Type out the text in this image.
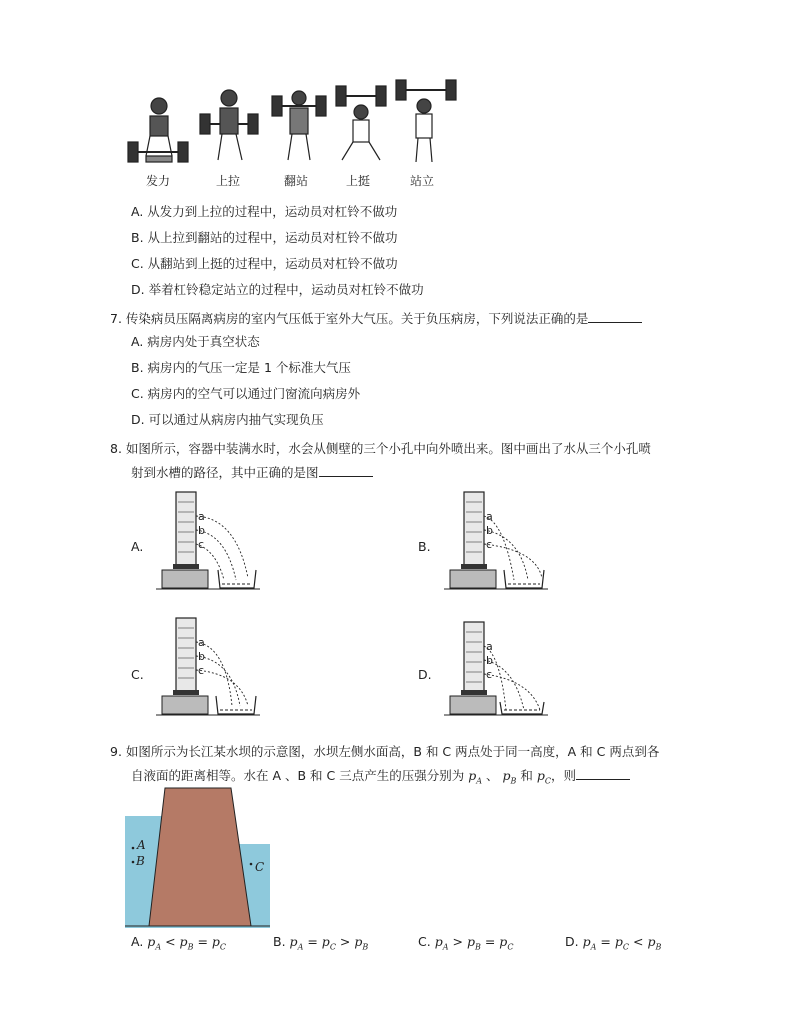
发力	上拉	翻站	上挺	站立
A. 从发力到上拉的过程中，运动员对杠铃不做功
B. 从上拉到翻站的过程中，运动员对杠铃不做功
C. 从翻站到上挺的过程中，运动员对杠铃不做功
D. 举着杠铃稳定站立的过程中，运动员对杠铃不做功
7. 传染病员压隔离病房的室内气压低于室外大气压。关于负压病房，下列说法正确的是
A. 病房内处于真空状态
B. 病房内的气压一定是 1 个标准大气压
C. 病房内的空气可以通过门窗流向病房外
D. 可以通过从病房内抽气实现负压
8. 如图所示，容器中装满水时，水会从侧壁的三个小孔中向外喷出来。图中画出了水从三个小孔喷
射到水槽的路径，其中正确的是图
A.	B.
C.	D.
a
b
c
a
b
c
a
b
c
a
b
c
9. 如图所示为长江某水坝的示意图，水坝左侧水面高，B 和 C 两点处于同一高度，A 和 C 两点到各
自液面的距离相等。水在 A 、B 和 C 三点产生的压强分别为 $p_A$ 、 $p_B$ 和 $p_C$，则
A
B	C
A. $p_A < p_B = p_C$	B. $p_A = p_C > p_B$	C. $p_A > p_B = p_C$	D. $p_A = p_C < p_B$
